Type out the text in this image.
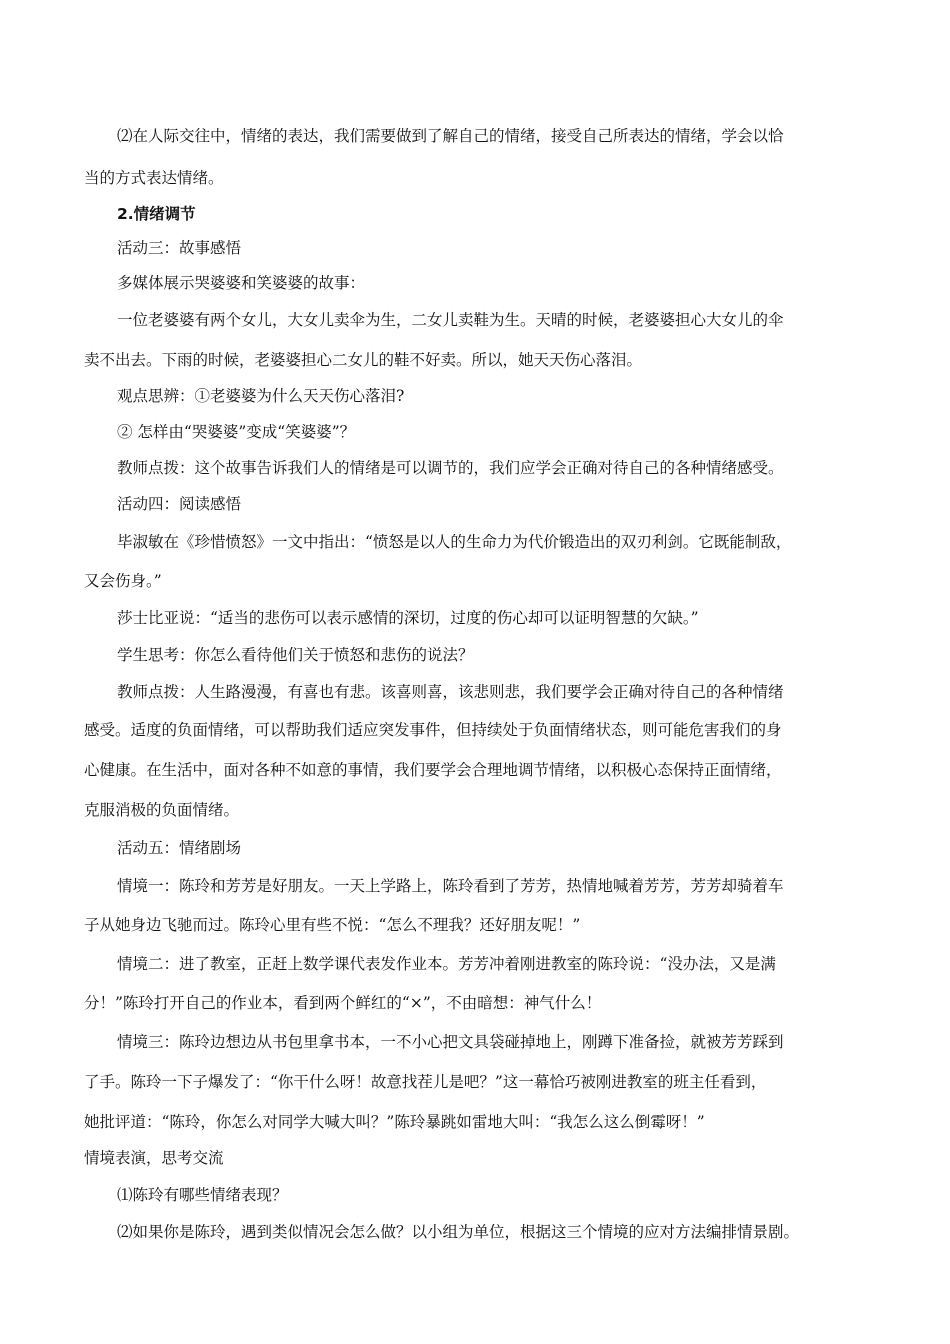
⑵在人际交往中，情绪的表达，我们需要做到了解自己的情绪，接受自己所表达的情绪，学会以恰
当的方式表达情绪。
2.情绪调节
活动三：故事感悟
多媒体展示哭婆婆和笑婆婆的故事：
一位老婆婆有两个女儿，大女儿卖伞为生，二女儿卖鞋为生。天晴的时候，老婆婆担心大女儿的伞
卖不出去。下雨的时候，老婆婆担心二女儿的鞋不好卖。所以，她天天伤心落泪。
观点思辨：①老婆婆为什么天天伤心落泪?
② 怎样由“哭婆婆”变成“笑婆婆”？
教师点拨：这个故事告诉我们人的情绪是可以调节的，我们应学会正确对待自己的各种情绪感受。
活动四：阅读感悟
毕淑敏在《珍惜愤怒》一文中指出：“愤怒是以人的生命力为代价锻造出的双刃利剑。它既能制敌，
又会伤身。”
莎士比亚说：“适当的悲伤可以表示感情的深切，过度的伤心却可以证明智慧的欠缺。”
学生思考：你怎么看待他们关于愤怒和悲伤的说法？
教师点拨：人生路漫漫，有喜也有悲。该喜则喜，该悲则悲，我们要学会正确对待自己的各种情绪
感受。适度的负面情绪，可以帮助我们适应突发事件，但持续处于负面情绪状态，则可能危害我们的身
心健康。在生活中，面对各种不如意的事情，我们要学会合理地调节情绪，以积极心态保持正面情绪，
克服消极的负面情绪。
活动五：情绪剧场
情境一：陈玲和芳芳是好朋友。一天上学路上，陈玲看到了芳芳，热情地喊着芳芳，芳芳却骑着车
子从她身边飞驰而过。陈玲心里有些不悦：“怎么不理我？还好朋友呢！”
情境二：进了教室，正赶上数学课代表发作业本。芳芳冲着刚进教室的陈玲说：“没办法，又是满
分！”陈玲打开自己的作业本，看到两个鲜红的“×”，不由暗想：神气什么！
情境三：陈玲边想边从书包里拿书本，一不小心把文具袋碰掉地上，刚蹲下准备捡，就被芳芳踩到
了手。陈玲一下子爆发了：“你干什么呀！故意找茬儿是吧？”这一幕恰巧被刚进教室的班主任看到，
她批评道：“陈玲，你怎么对同学大喊大叫？”陈玲暴跳如雷地大叫：“我怎么这么倒霉呀！”
情境表演，思考交流
⑴陈玲有哪些情绪表现？
⑵如果你是陈玲，遇到类似情况会怎么做？以小组为单位，根据这三个情境的应对方法编排情景剧。
